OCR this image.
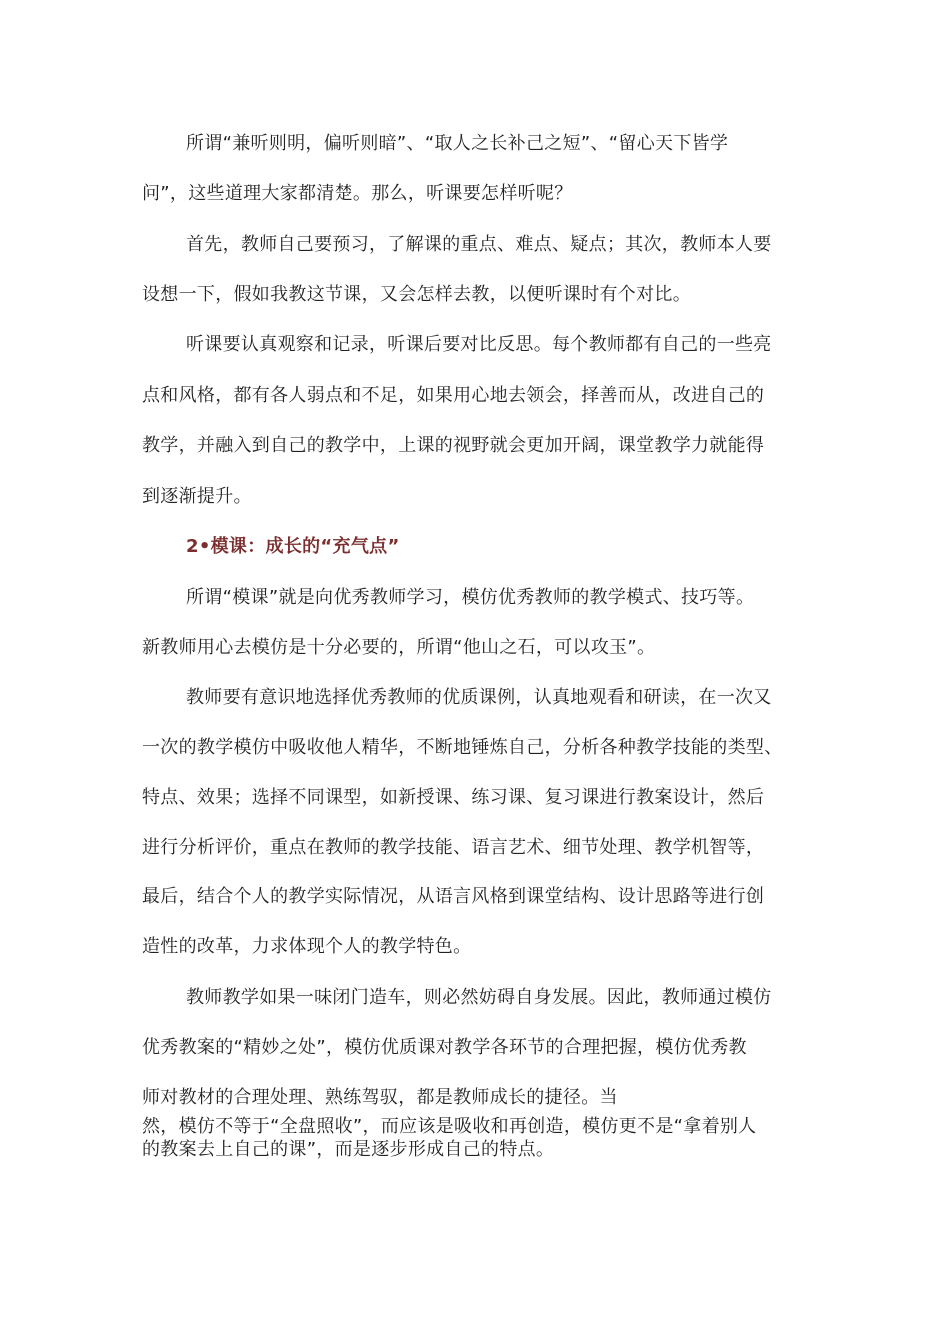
所谓“兼听则明，偏听则暗”、“取人之长补己之短”、“留心天下皆学
问”，这些道理大家都清楚。那么，听课要怎样听呢？
首先，教师自己要预习，了解课的重点、难点、疑点；其次，教师本人要
设想一下，假如我教这节课，又会怎样去教，以便听课时有个对比。
听课要认真观察和记录，听课后要对比反思。每个教师都有自己的一些亮
点和风格，都有各人弱点和不足，如果用心地去领会，择善而从，改进自己的
教学，并融入到自己的教学中，上课的视野就会更加开阔，课堂教学力就能得
到逐渐提升。
2•模课：成长的“充气点”
所谓“模课”就是向优秀教师学习，模仿优秀教师的教学模式、技巧等。
新教师用心去模仿是十分必要的，所谓“他山之石，可以攻玉”。
教师要有意识地选择优秀教师的优质课例，认真地观看和研读，在一次又
一次的教学模仿中吸收他人精华，不断地锤炼自己，分析各种教学技能的类型、
特点、效果；选择不同课型，如新授课、练习课、复习课进行教案设计，然后
进行分析评价，重点在教师的教学技能、语言艺术、细节处理、教学机智等，
最后，结合个人的教学实际情况，从语言风格到课堂结构、设计思路等进行创
造性的改革，力求体现个人的教学特色。
教师教学如果一味闭门造车，则必然妨碍自身发展。因此，教师通过模仿
优秀教案的“精妙之处”，模仿优质课对教学各环节的合理把握，模仿优秀教
师对教材的合理处理、熟练驾驭，都是教师成长的捷径。当
然，模仿不等于“全盘照收”，而应该是吸收和再创造，模仿更不是“拿着别人
的教案去上自己的课”，而是逐步形成自己的特点。
